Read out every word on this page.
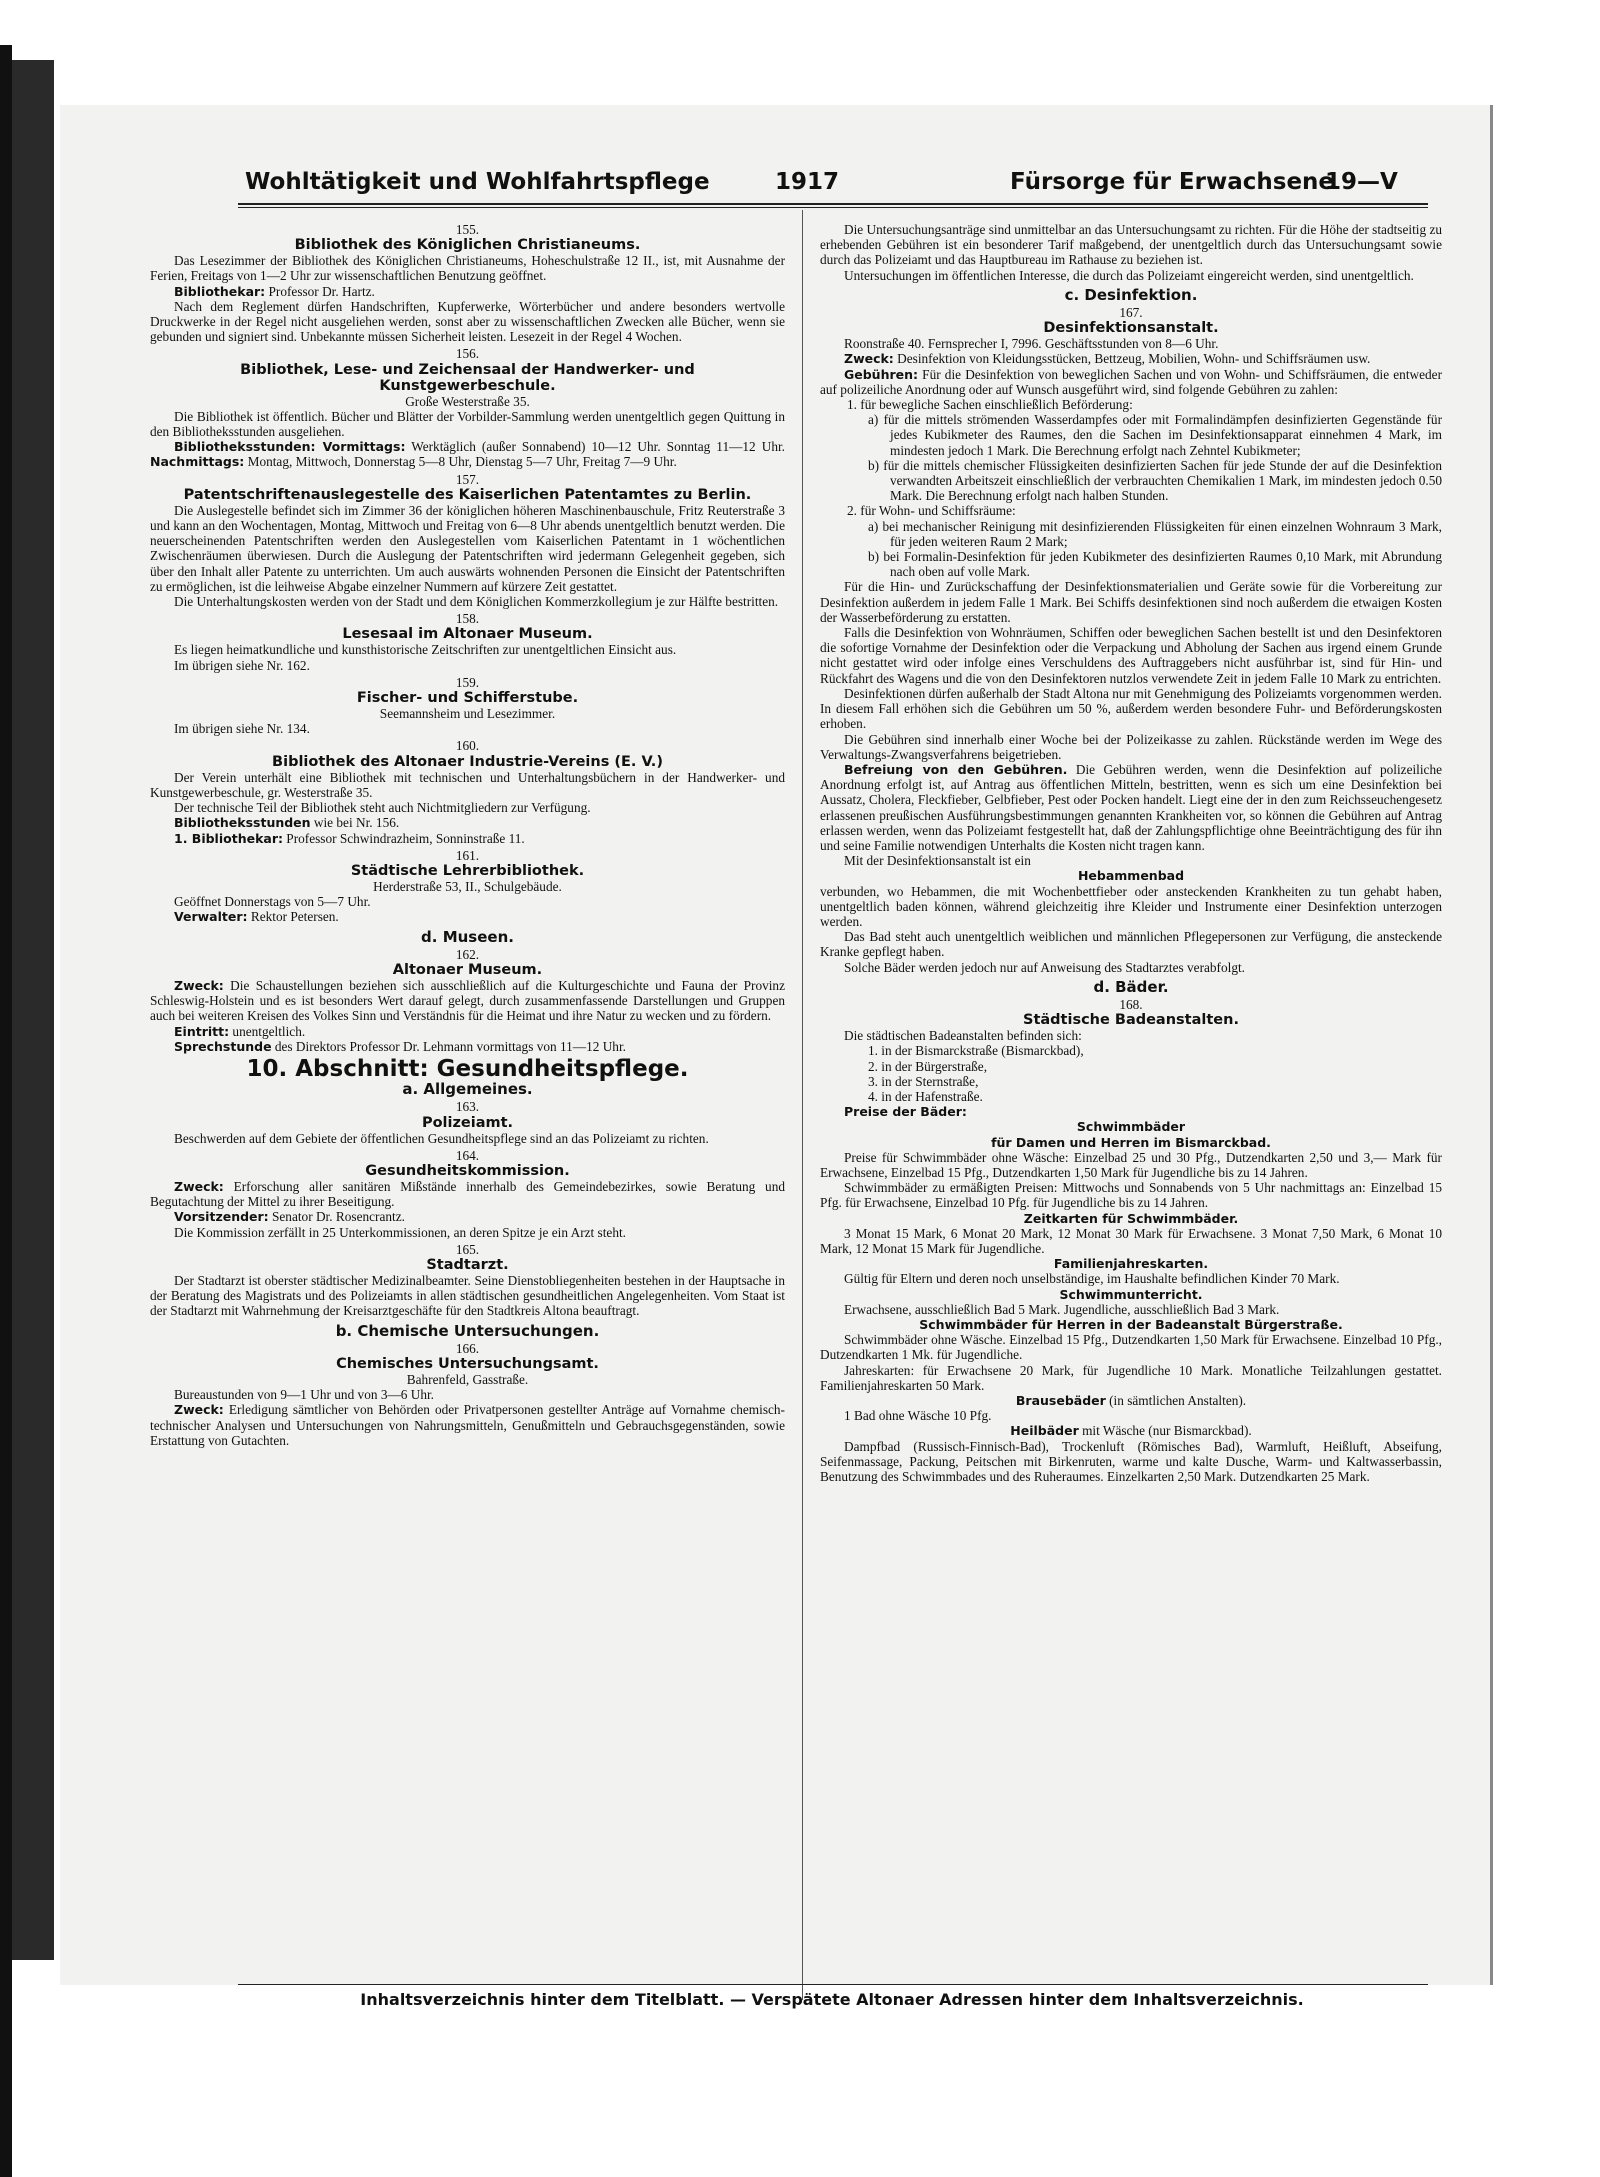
Wohltätigkeit und Wohlfahrtspflege	1917	Fürsorge für Erwachsene
19—V
155.
Bibliothek des Königlichen Christianeums.

Das Lesezimmer der Bibliothek des Königlichen Christianeums, Hoheschulstraße 12 II., ist, mit Ausnahme der Ferien, Freitags von 1—2 Uhr zur wissenschaftlichen Benutzung geöffnet.

Bibliothekar: Professor Dr. Hartz.

Nach dem Reglement dürfen Handschriften, Kupferwerke, Wörterbücher und andere besonders wertvolle Druckwerke in der Regel nicht ausgeliehen werden, sonst aber zu wissenschaftlichen Zwecken alle Bücher, wenn sie gebunden und signiert sind. Unbekannte müssen Sicherheit leisten. Lesezeit in der Regel 4 Wochen.

156.
Bibliothek, Lese- und Zeichensaal der Handwerker- und Kunstgewerbeschule.
Große Westerstraße 35.

Die Bibliothek ist öffentlich. Bücher und Blätter der Vorbilder-Sammlung werden unentgeltlich gegen Quittung in den Bibliotheksstunden ausgeliehen.

Bibliotheksstunden: Vormittags: Werktäglich (außer Sonnabend) 10—12 Uhr. Sonntag 11—12 Uhr. Nachmittags: Montag, Mittwoch, Donnerstag 5—8 Uhr, Dienstag 5—7 Uhr, Freitag 7—9 Uhr.

157.
Patentschriftenauslegestelle des Kaiserlichen Patentamtes zu Berlin.

Die Auslegestelle befindet sich im Zimmer 36 der königlichen höheren Maschinenbauschule, Fritz Reuterstraße 3 und kann an den Wochentagen, Montag, Mittwoch und Freitag von 6—8 Uhr abends unentgeltlich benutzt werden. Die neuerscheinenden Patentschriften werden den Auslegestellen vom Kaiserlichen Patentamt in 1 wöchentlichen Zwischenräumen überwiesen. Durch die Auslegung der Patentschriften wird jedermann Gelegenheit gegeben, sich über den Inhalt aller Patente zu unterrichten. Um auch auswärts wohnenden Personen die Einsicht der Patentschriften zu ermöglichen, ist die leihweise Abgabe einzelner Nummern auf kürzere Zeit gestattet.

Die Unterhaltungskosten werden von der Stadt und dem Königlichen Kommerzkollegium je zur Hälfte bestritten.

158.
Lesesaal im Altonaer Museum.

Es liegen heimatkundliche und kunsthistorische Zeitschriften zur unentgeltlichen Einsicht aus.

Im übrigen siehe Nr. 162.

159.
Fischer- und Schifferstube.
Seemannsheim und Lesezimmer.

Im übrigen siehe Nr. 134.

160.
Bibliothek des Altonaer Industrie-Vereins (E. V.)

Der Verein unterhält eine Bibliothek mit technischen und Unterhaltungsbüchern in der Handwerker- und Kunstgewerbeschule, gr. Westerstraße 35.

Der technische Teil der Bibliothek steht auch Nichtmitgliedern zur Verfügung.

Bibliotheksstunden wie bei Nr. 156.

1. Bibliothekar: Professor Schwindrazheim, Sonninstraße 11.

161.
Städtische Lehrerbibliothek.
Herderstraße 53, II., Schulgebäude.

Geöffnet Donnerstags von 5—7 Uhr.

Verwalter: Rektor Petersen.

d. Museen.
162.
Altonaer Museum.

Zweck: Die Schaustellungen beziehen sich ausschließlich auf die Kulturgeschichte und Fauna der Provinz Schleswig-Holstein und es ist besonders Wert darauf gelegt, durch zusammenfassende Darstellungen und Gruppen auch bei weiteren Kreisen des Volkes Sinn und Verständnis für die Heimat und ihre Natur zu wecken und zu fördern.

Eintritt: unentgeltlich.

Sprechstunde des Direktors Professor Dr. Lehmann vormittags von 11—12 Uhr.

10. Abschnitt: Gesundheitspflege.
a. Allgemeines.
163.
Polizeiamt.

Beschwerden auf dem Gebiete der öffentlichen Gesundheitspflege sind an das Polizeiamt zu richten.

164.
Gesundheitskommission.

Zweck: Erforschung aller sanitären Mißstände innerhalb des Gemeindebezirkes, sowie Beratung und Begutachtung der Mittel zu ihrer Beseitigung.

Vorsitzender: Senator Dr. Rosencrantz.

Die Kommission zerfällt in 25 Unterkommissionen, an deren Spitze je ein Arzt steht.

165.
Stadtarzt.

Der Stadtarzt ist oberster städtischer Medizinalbeamter. Seine Dienstobliegenheiten bestehen in der Hauptsache in der Beratung des Magistrats und des Polizeiamts in allen städtischen gesundheitlichen Angelegenheiten. Vom Staat ist der Stadtarzt mit Wahrnehmung der Kreisarztgeschäfte für den Stadtkreis Altona beauftragt.

b. Chemische Untersuchungen.
166.
Chemisches Untersuchungsamt.
Bahrenfeld, Gasstraße.

Bureaustunden von 9—1 Uhr und von 3—6 Uhr.

Zweck: Erledigung sämtlicher von Behörden oder Privatpersonen gestellter Anträge auf Vornahme chemisch-technischer Analysen und Untersuchungen von Nahrungsmitteln, Genußmitteln und Gebrauchsgegenständen, sowie Erstattung von Gutachten.

Die Untersuchungsanträge sind unmittelbar an das Untersuchungsamt zu richten. Für die Höhe der stadtseitig zu erhebenden Gebühren ist ein besonderer Tarif maßgebend, der unentgeltlich durch das Untersuchungsamt sowie durch das Polizeiamt und das Hauptbureau im Rathause zu beziehen ist.

Untersuchungen im öffentlichen Interesse, die durch das Polizeiamt eingereicht werden, sind unentgeltlich.

c. Desinfektion.
167.
Desinfektionsanstalt.

Roonstraße 40. Fernsprecher I, 7996. Geschäftsstunden von 8—6 Uhr.

Zweck: Desinfektion von Kleidungsstücken, Bettzeug, Mobilien, Wohn- und Schiffsräumen usw.

Gebühren: Für die Desinfektion von beweglichen Sachen und von Wohn- und Schiffsräumen, die entweder auf polizeiliche Anordnung oder auf Wunsch ausgeführt wird, sind folgende Gebühren zu zahlen:

1. für bewegliche Sachen einschließlich Beförderung:

a) für die mittels strömenden Wasserdampfes oder mit Formalindämpfen desinfizierten Gegenstände für jedes Kubikmeter des Raumes, den die Sachen im Desinfektionsapparat einnehmen 4 Mark, im mindesten jedoch 1 Mark. Die Berechnung erfolgt nach Zehntel Kubikmeter;

b) für die mittels chemischer Flüssigkeiten desinfizierten Sachen für jede Stunde der auf die Desinfektion verwandten Arbeitszeit einschließlich der verbrauchten Chemikalien 1 Mark, im mindesten jedoch 0.50 Mark. Die Berechnung erfolgt nach halben Stunden.

2. für Wohn- und Schiffsräume:

a) bei mechanischer Reinigung mit desinfizierenden Flüssigkeiten für einen einzelnen Wohnraum 3 Mark, für jeden weiteren Raum 2 Mark;

b) bei Formalin-Desinfektion für jeden Kubikmeter des desinfizierten Raumes 0,10 Mark, mit Abrundung nach oben auf volle Mark.

Für die Hin- und Zurückschaffung der Desinfektionsmaterialien und Geräte sowie für die Vorbereitung zur Desinfektion außerdem in jedem Falle 1 Mark. Bei Schiffs desinfektionen sind noch außerdem die etwaigen Kosten der Wasserbeförderung zu erstatten.

Falls die Desinfektion von Wohnräumen, Schiffen oder beweglichen Sachen bestellt ist und den Desinfektoren die sofortige Vornahme der Desinfektion oder die Verpackung und Abholung der Sachen aus irgend einem Grunde nicht gestattet wird oder infolge eines Verschuldens des Auftraggebers nicht ausführbar ist, sind für Hin- und Rückfahrt des Wagens und die von den Desinfektoren nutzlos verwendete Zeit in jedem Falle 10 Mark zu entrichten.

Desinfektionen dürfen außerhalb der Stadt Altona nur mit Genehmigung des Polizeiamts vorgenommen werden. In diesem Fall erhöhen sich die Gebühren um 50 %, außerdem werden besondere Fuhr- und Beförderungskosten erhoben.

Die Gebühren sind innerhalb einer Woche bei der Polizeikasse zu zahlen. Rückstände werden im Wege des Verwaltungs-Zwangsverfahrens beigetrieben.

Befreiung von den Gebühren. Die Gebühren werden, wenn die Desinfektion auf polizeiliche Anordnung erfolgt ist, auf Antrag aus öffentlichen Mitteln, bestritten, wenn es sich um eine Desinfektion bei Aussatz, Cholera, Fleckfieber, Gelbfieber, Pest oder Pocken handelt. Liegt eine der in den zum Reichsseuchengesetz erlassenen preußischen Ausführungsbestimmungen genannten Krankheiten vor, so können die Gebühren auf Antrag erlassen werden, wenn das Polizeiamt festgestellt hat, daß der Zahlungspflichtige ohne Beeinträchtigung des für ihn und seine Familie notwendigen Unterhalts die Kosten nicht tragen kann.

Mit der Desinfektionsanstalt ist ein

Hebammenbad

verbunden, wo Hebammen, die mit Wochenbettfieber oder ansteckenden Krankheiten zu tun gehabt haben, unentgeltlich baden können, während gleichzeitig ihre Kleider und Instrumente einer Desinfektion unterzogen werden.

Das Bad steht auch unentgeltlich weiblichen und männlichen Pflegepersonen zur Verfügung, die ansteckende Kranke gepflegt haben.

Solche Bäder werden jedoch nur auf Anweisung des Stadtarztes verabfolgt.

d. Bäder.
168.
Städtische Badeanstalten.

Die städtischen Badeanstalten befinden sich:

1. in der Bismarckstraße (Bismarckbad),

2. in der Bürgerstraße,

3. in der Sternstraße,

4. in der Hafenstraße.

Preise der Bäder:

Schwimmbäder
für Damen und Herren im Bismarckbad.

Preise für Schwimmbäder ohne Wäsche: Einzelbad 25 und 30 Pfg., Dutzendkarten 2,50 und 3,— Mark für Erwachsene, Einzelbad 15 Pfg., Dutzendkarten 1,50 Mark für Jugendliche bis zu 14 Jahren.

Schwimmbäder zu ermäßigten Preisen: Mittwochs und Sonnabends von 5 Uhr nachmittags an: Einzelbad 15 Pfg. für Erwachsene, Einzelbad 10 Pfg. für Jugendliche bis zu 14 Jahren.

Zeitkarten für Schwimmbäder.

3 Monat 15 Mark, 6 Monat 20 Mark, 12 Monat 30 Mark für Erwachsene. 3 Monat 7,50 Mark, 6 Monat 10 Mark, 12 Monat 15 Mark für Jugendliche.

Familienjahreskarten.

Gültig für Eltern und deren noch unselbständige, im Haushalte befindlichen Kinder 70 Mark.

Schwimmunterricht.

Erwachsene, ausschließlich Bad 5 Mark. Jugendliche, ausschließlich Bad 3 Mark.

Schwimmbäder für Herren in der Badeanstalt Bürgerstraße.

Schwimmbäder ohne Wäsche. Einzelbad 15 Pfg., Dutzendkarten 1,50 Mark für Erwachsene. Einzelbad 10 Pfg., Dutzendkarten 1 Mk. für Jugendliche.

Jahreskarten: für Erwachsene 20 Mark, für Jugendliche 10 Mark. Monatliche Teilzahlungen gestattet. Familienjahreskarten 50 Mark.

Brausebäder (in sämtlichen Anstalten).

1 Bad ohne Wäsche 10 Pfg.

Heilbäder mit Wäsche (nur Bismarckbad).

Dampfbad (Russisch-Finnisch-Bad), Trockenluft (Römisches Bad), Warmluft, Heißluft, Abseifung, Seifenmassage, Packung, Peitschen mit Birkenruten, warme und kalte Dusche, Warm- und Kaltwasserbassin, Benutzung des Schwimmbades und des Ruheraumes. Einzelkarten 2,50 Mark. Dutzendkarten 25 Mark.

Inhaltsverzeichnis hinter dem Titelblatt. — Verspätete Altonaer Adressen hinter dem Inhaltsverzeichnis.
